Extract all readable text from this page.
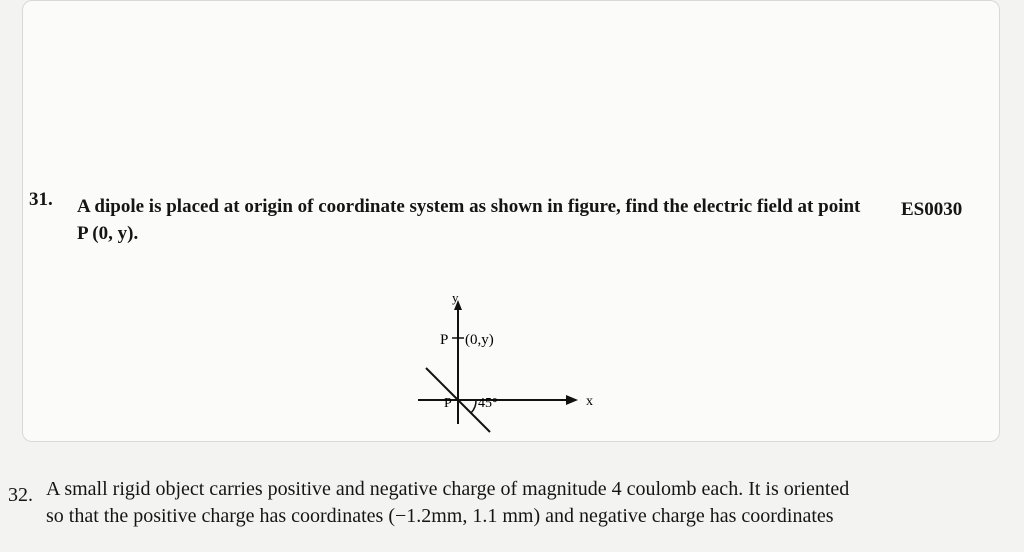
31.	ES0030
A dipole is placed at origin of coordinate system as shown in figure, find the electric field at point
P (0, y).
y
x
P (0,y)
P 45°
32. A small rigid object carries positive and negative charge of magnitude 4 coulomb each. It is oriented
so that the positive charge has coordinates (−1.2mm, 1.1 mm) and negative charge has coordinates
